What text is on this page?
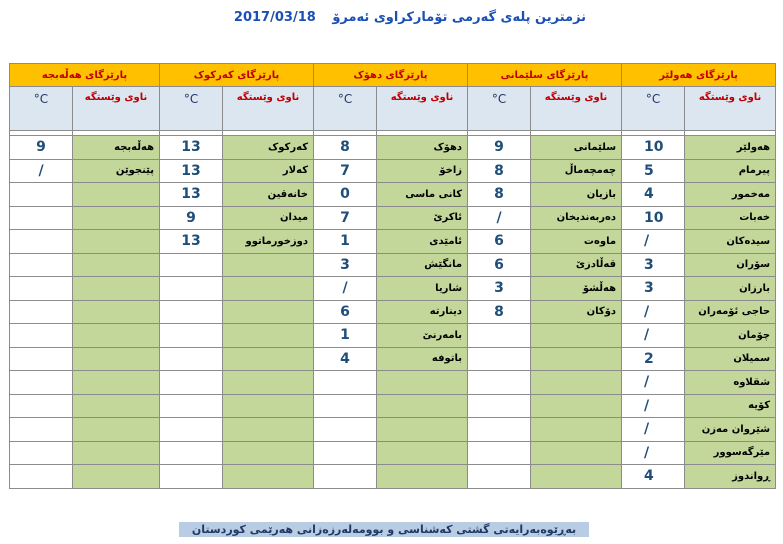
نزمترین پلەی گەرمی تۆمارکراوی ئەمرۆ 2017/03/18
پارێزگای هەولێر		پارێزگای سلێمانی		پارێزگای دهۆک		پارێزگای کەرکوک		پارێزگای هەڵەبجە	
ناوی وێستگە	C°	ناوی وێستگە	C°	ناوی وێستگە	C°	ناوی وێستگە	C°	ناوی وێستگە	C°

هەولێر	10	سلێمانی	9	دهۆک	8	کەرکوک	13	هەڵەبجە	9
پیرمام	5	چەمچەماڵ	8	زاخۆ	7	کەلار	13	پێنجوێن	/
مەخمور	4	بازیان	8	کانی ماسی	0	خانەقین	13		
خەبات	10	دەربەندیخان	/	ئاکرێ	7	میدان	9		
سیدەکان	/	ماوەت	6	ئامێدی	1	دوزخورماتوو	13		
سۆران	3	قەڵادزێ	6	مانگێش	3				
بارزان	3	هەڵشۆ	3	شاریا	/				
حاجی ئۆمەران	/	دۆکان	8	دینارتە	6				
چۆمان	/			بامەرنێ	1				
سمیلان	2			باتوفە	4				
شقلاوە	/								
کۆیە	/								
شێروان مەزن	/								
مێرگەسوور	/								
ڕواندوز	4								
بەڕێوەبەرایەتی گشتی کەشناسی و بوومەلەرزەزانی هەرێمی کوردستان
